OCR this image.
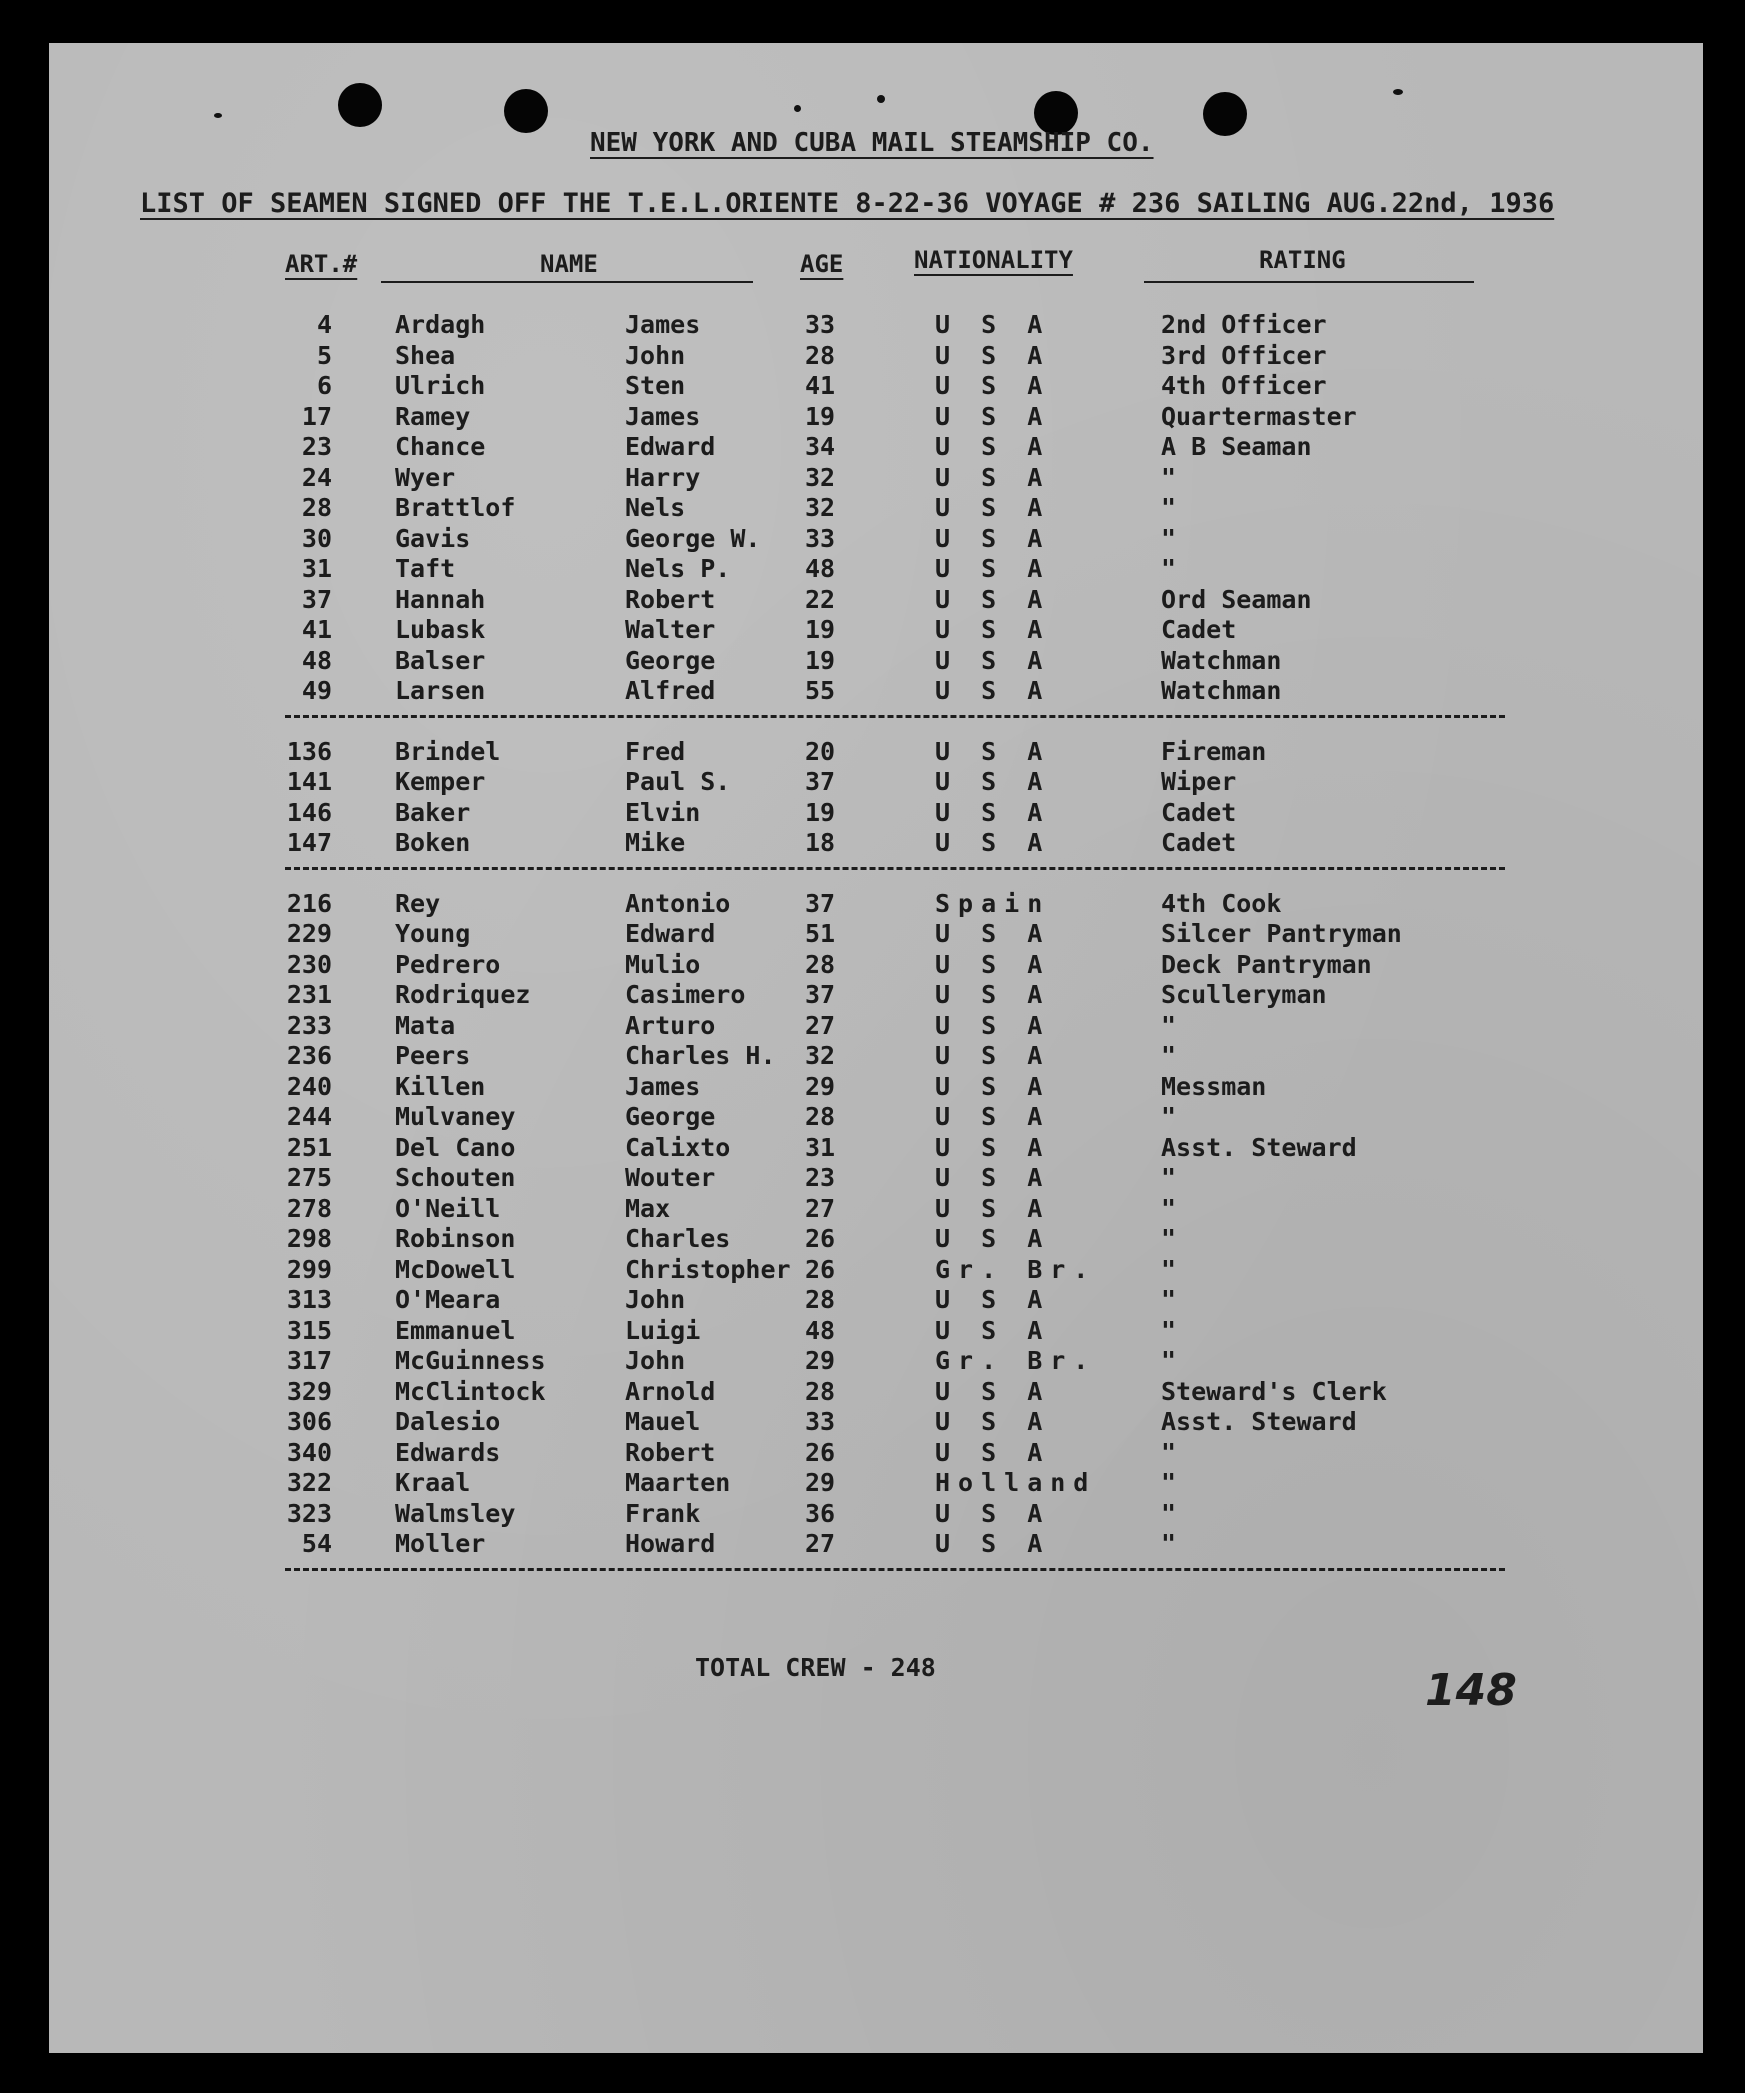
NEW YORK AND CUBA MAIL STEAMSHIP CO.
LIST OF SEAMEN SIGNED OFF THE T.E.L.ORIENTE 8-22-36 VOYAGE # 236 SAILING AUG.22nd, 1936
ART.#	NAME	AGE	NATIONALITY	RATING
4	Ardagh	James	33	U S A	2nd Officer
5	Shea	John	28	U S A	3rd Officer
6	Ulrich	Sten	41	U S A	4th Officer
17	Ramey	James	19	U S A	Quartermaster
23	Chance	Edward	34	U S A	A B Seaman
24	Wyer	Harry	32	U S A	"
28	Brattlof	Nels	32	U S A	"
30	Gavis	George W. 33	U S A	"
31	Taft	Nels P.	48	U S A	"
37	Hannah	Robert	22	U S A	Ord Seaman
41	Lubask	Walter	19	U S A	Cadet
48	Balser	George	19	U S A	Watchman
49	Larsen	Alfred	55	U S A	Watchman
136	Brindel	Fred	20	U S A	Fireman
141	Kemper	Paul S.	37	U S A	Wiper
146	Baker	Elvin	19	U S A	Cadet
147	Boken	Mike	18	U S A	Cadet
216	Rey	Antonio	37	Spain	4th Cook
229	Young	Edward	51	U S A	Silcer Pantryman
230	Pedrero	Mulio	28	U S A	Deck Pantryman
231	Rodriquez	Casimero 37	U S A	Sculleryman
233	Mata	Arturo	27	U S A	"
236	Peers	Charles H. 32	U S A	"
240	Killen	James	29	U S A	Messman
244	Mulvaney	George	28	U S A	"
251	Del Cano	Calixto	31	U S A	Asst. Steward
275	Schouten	Wouter	23	U S A	"
278	O'Neill	Max	27	U S A	"
298	Robinson	Charles	26	U S A	"
299	McDowell	Christopher 26	Gr. Br.	"
313	O'Meara	John	28	U S A	"
315	Emmanuel	Luigi	48	U S A	"
317	McGuinness	John	29	Gr. Br.	"
329	McClintock	Arnold	28	U S A	Steward's Clerk
306	Dalesio	Mauel	33	U S A	Asst. Steward
340	Edwards	Robert	26	U S A	"
322	Kraal	Maarten	29	Holland	"
323	Walmsley	Frank	36	U S A	"
54	Moller	Howard	27	U S A	"
TOTAL CREW - 248	148
